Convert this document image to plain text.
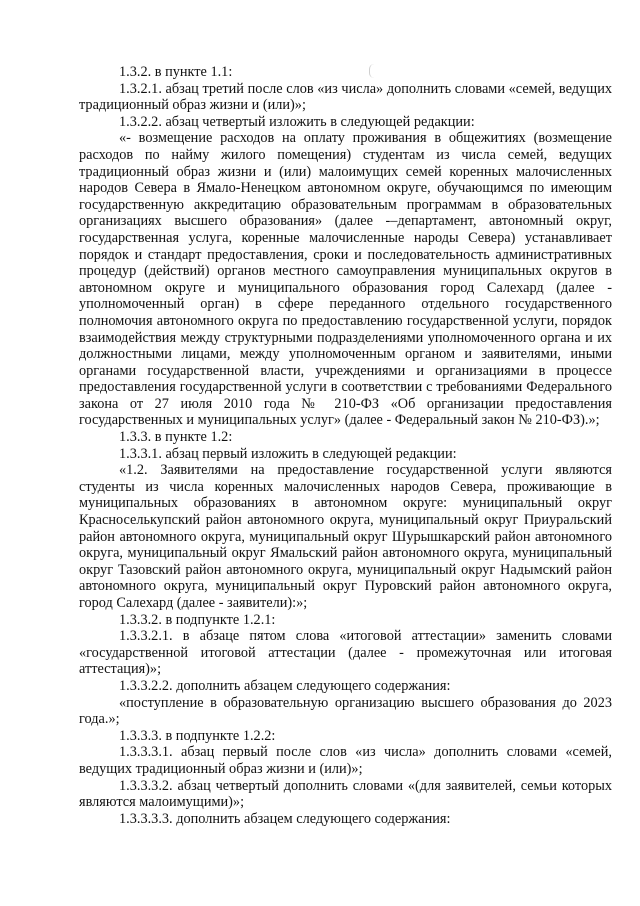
1.3.2. в пункте 1.1:

1.3.2.1. абзац третий после слов «из числа» дополнить словами «семей, ведущих традиционный образ жизни и (или)»;

1.3.2.2. абзац четвертый изложить в следующей редакции:

«- возмещение расходов на оплату проживания в общежитиях (возмещение расходов по найму жилого помещения) студентам из числа семей, ведущих традиционный образ жизни и (или) малоимущих семей коренных малочисленных народов Севера в Ямало-Ненецком автономном округе, обучающимся по имеющим государственную аккредитацию образовательным программам в образовательных организациях высшего образования» (далее -–департамент, автономный округ, государственная услуга, коренные малочисленные народы Севера) устанавливает порядок и стандарт предоставления, сроки и последовательность административных процедур (действий) органов местного самоуправления муниципальных округов в автономном округе и муниципального образования город Салехард (далее - уполномоченный орган) в сфере переданного отдельного государственного полномочия автономного округа по предоставлению государственной услуги, порядок взаимодействия между структурными подразделениями уполномоченного органа и их должностными лицами, между уполномоченным органом и заявителями, иными органами государственной власти, учреждениями и организациями в процессе предоставления государственной услуги в соответствии с требованиями Федерального закона от 27 июля 2010 года № 210-ФЗ «Об организации предоставления государственных и муниципальных услуг» (далее - Федеральный закон № 210-ФЗ).»;

1.3.3. в пункте 1.2:

1.3.3.1. абзац первый изложить в следующей редакции:

«1.2. Заявителями на предоставление государственной услуги являются студенты из числа коренных малочисленных народов Севера, проживающие в муниципальных образованиях в автономном округе: муниципальный округ Красноселькупский район автономного округа, муниципальный округ Приуральский район автономного округа, муниципальный округ Шурышкарский район автономного округа, муниципальный округ Ямальский район автономного округа, муниципальный округ Тазовский район автономного округа, муниципальный округ Надымский район автономного округа, муниципальный округ Пуровский район автономного округа, город Салехард (далее - заявители):»;

1.3.3.2. в подпункте 1.2.1:

1.3.3.2.1. в абзаце пятом слова «итоговой аттестации» заменить словами «государственной итоговой аттестации (далее - промежуточная или итоговая аттестация)»;

1.3.3.2.2. дополнить абзацем следующего содержания:

«поступление в образовательную организацию высшего образования до 2023 года.»;

1.3.3.3. в подпункте 1.2.2:

1.3.3.3.1. абзац первый после слов «из числа» дополнить словами «семей, ведущих традиционный образ жизни и (или)»;

1.3.3.3.2. абзац четвертый дополнить словами «(для заявителей, семьи которых являются малоимущими)»;

1.3.3.3.3. дополнить абзацем следующего содержания:
